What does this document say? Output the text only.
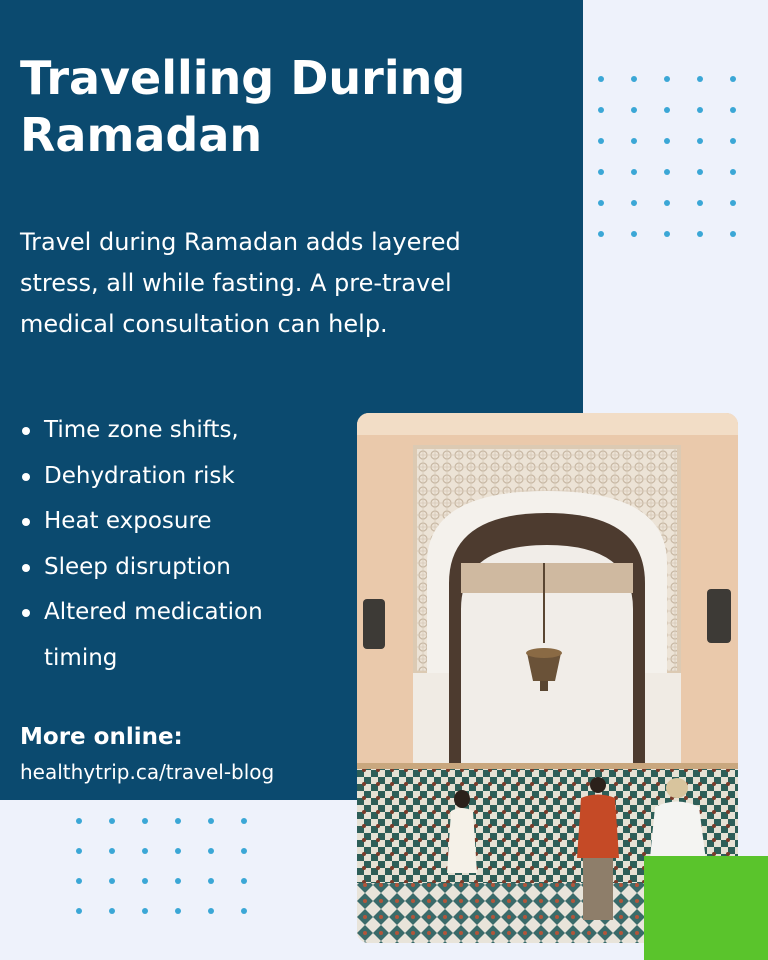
Travelling During Ramadan

Travel during Ramadan adds layered stress, all while fasting. A pre-travel medical consultation can help.

Time zone shifts,
Dehydration risk
Heat exposure
Sleep disruption
Altered medication timing
More online:
healthytrip.ca/travel-blog
